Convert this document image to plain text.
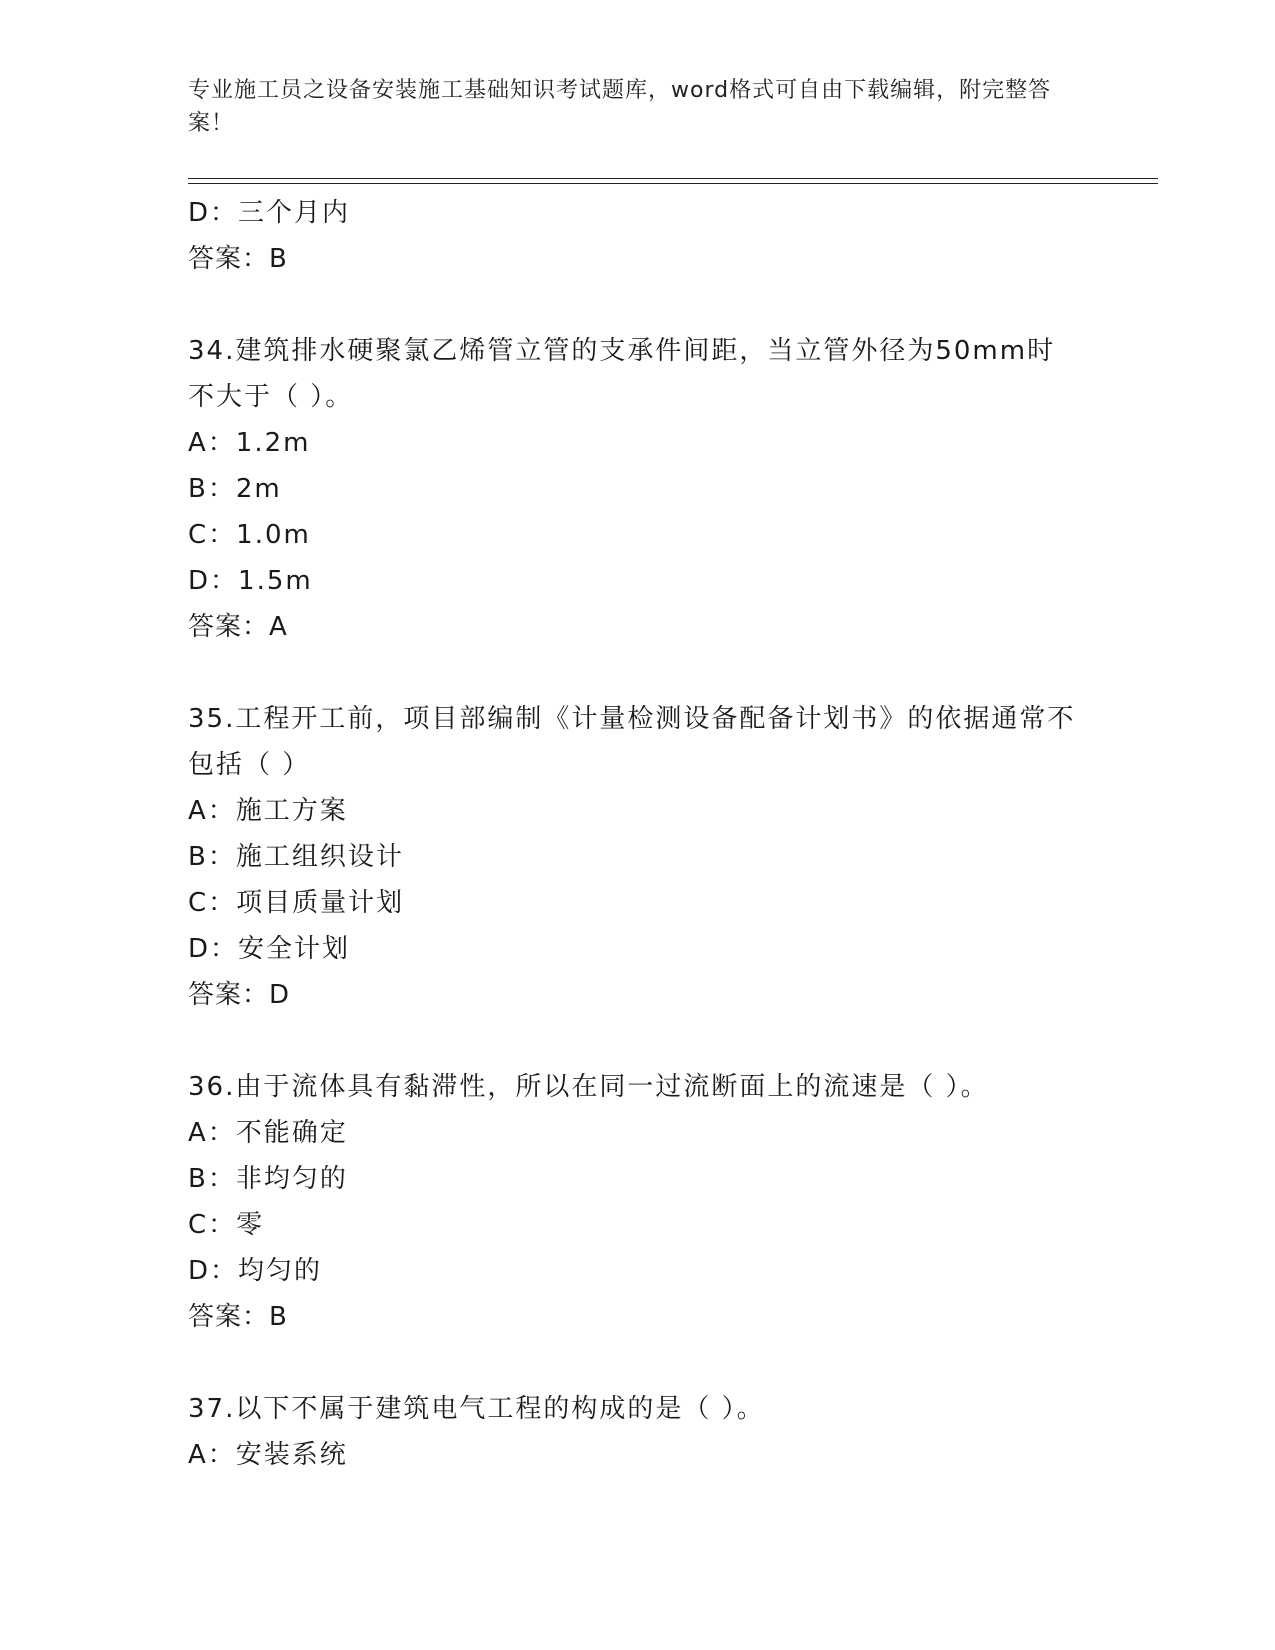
专业施工员之设备安装施工基础知识考试题库，word格式可自由下载编辑，附完整答案！
D：三个月内
答案：B
34.建筑排水硬聚氯乙烯管立管的支承件间距，当立管外径为50mm时不大于（ ）。
A：1.2m
B：2m
C：1.0m
D：1.5m
答案：A
35.工程开工前，项目部编制《计量检测设备配备计划书》的依据通常不包括（ ）
A：施工方案
B：施工组织设计
C：项目质量计划
D：安全计划
答案：D
36.由于流体具有黏滞性，所以在同一过流断面上的流速是（ ）。
A：不能确定
B：非均匀的
C：零
D：均匀的
答案：B
37.以下不属于建筑电气工程的构成的是（ ）。
A：安装系统
